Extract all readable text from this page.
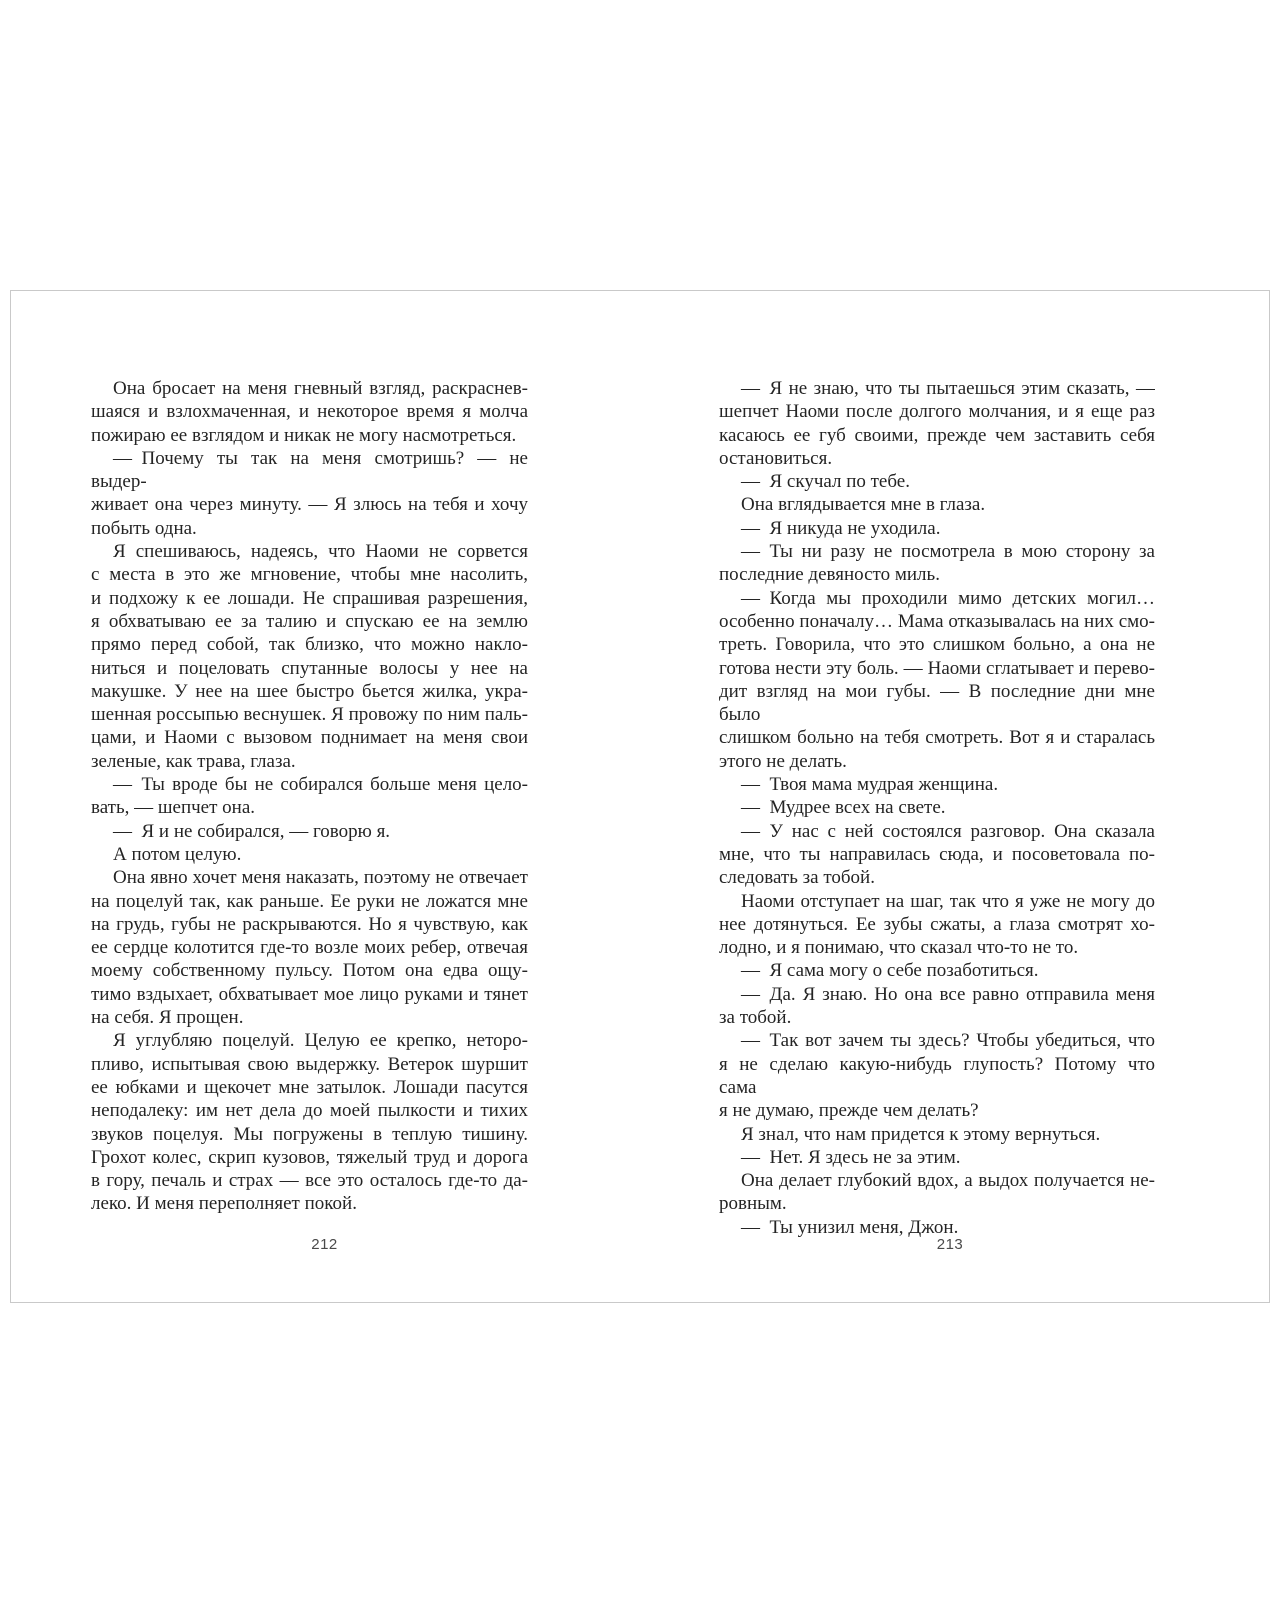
Она бросает на меня гневный взгляд, раскраснев-
шаяся и взлохмаченная, и некоторое время я молча
пожираю ее взглядом и никак не могу насмотреться.
— Почему ты так на меня смотришь? — не выдер-
живает она через минуту. — Я злюсь на тебя и хочу
побыть одна.
Я спешиваюсь, надеясь, что Наоми не сорвется
с места в это же мгновение, чтобы мне насолить,
и подхожу к ее лошади. Не спрашивая разрешения,
я обхватываю ее за талию и спускаю ее на землю
прямо перед собой, так близко, что можно накло-
ниться и поцеловать спутанные волосы у нее на
макушке. У нее на шее быстро бьется жилка, укра-
шенная россыпью веснушек. Я провожу по ним паль-
цами, и Наоми с вызовом поднимает на меня свои
зеленые, как трава, глаза.
— Ты вроде бы не собирался больше меня цело-
вать, — шепчет она.
— Я и не собирался, — говорю я.
А потом целую.
Она явно хочет меня наказать, поэтому не отвечает
на поцелуй так, как раньше. Ее руки не ложатся мне
на грудь, губы не раскрываются. Но я чувствую, как
ее сердце колотится где-то возле моих ребер, отвечая
моему собственному пульсу. Потом она едва ощу-
тимо вздыхает, обхватывает мое лицо руками и тянет
на себя. Я прощен.
Я углубляю поцелуй. Целую ее крепко, неторо-
пливо, испытывая свою выдержку. Ветерок шуршит
ее юбками и щекочет мне затылок. Лошади пасутся
неподалеку: им нет дела до моей пылкости и тихих
звуков поцелуя. Мы погружены в теплую тишину.
Грохот колес, скрип кузовов, тяжелый труд и дорога
в гору, печаль и страх — все это осталось где-то да-
леко. И меня переполняет покой.
212
— Я не знаю, что ты пытаешься этим сказать, —
шепчет Наоми после долгого молчания, и я еще раз
касаюсь ее губ своими, прежде чем заставить себя
остановиться.
— Я скучал по тебе.
Она вглядывается мне в глаза.
— Я никуда не уходила.
— Ты ни разу не посмотрела в мою сторону за
последние девяносто миль.
— Когда мы проходили мимо детских могил…
особенно поначалу… Мама отказывалась на них смо-
треть. Говорила, что это слишком больно, а она не
готова нести эту боль. — Наоми сглатывает и перево-
дит взгляд на мои губы. — В последние дни мне было
слишком больно на тебя смотреть. Вот я и старалась
этого не делать.
— Твоя мама мудрая женщина.
— Мудрее всех на свете.
— У нас с ней состоялся разговор. Она сказала
мне, что ты направилась сюда, и посоветовала по-
следовать за тобой.
Наоми отступает на шаг, так что я уже не могу до
нее дотянуться. Ее зубы сжаты, а глаза смотрят хо-
лодно, и я понимаю, что сказал что-то не то.
— Я сама могу о себе позаботиться.
— Да. Я знаю. Но она все равно отправила меня
за тобой.
— Так вот зачем ты здесь? Чтобы убедиться, что
я не сделаю какую-нибудь глупость? Потому что сама
я не думаю, прежде чем делать?
Я знал, что нам придется к этому вернуться.
— Нет. Я здесь не за этим.
Она делает глубокий вдох, а выдох получается не-
ровным.
— Ты унизил меня, Джон.
213
